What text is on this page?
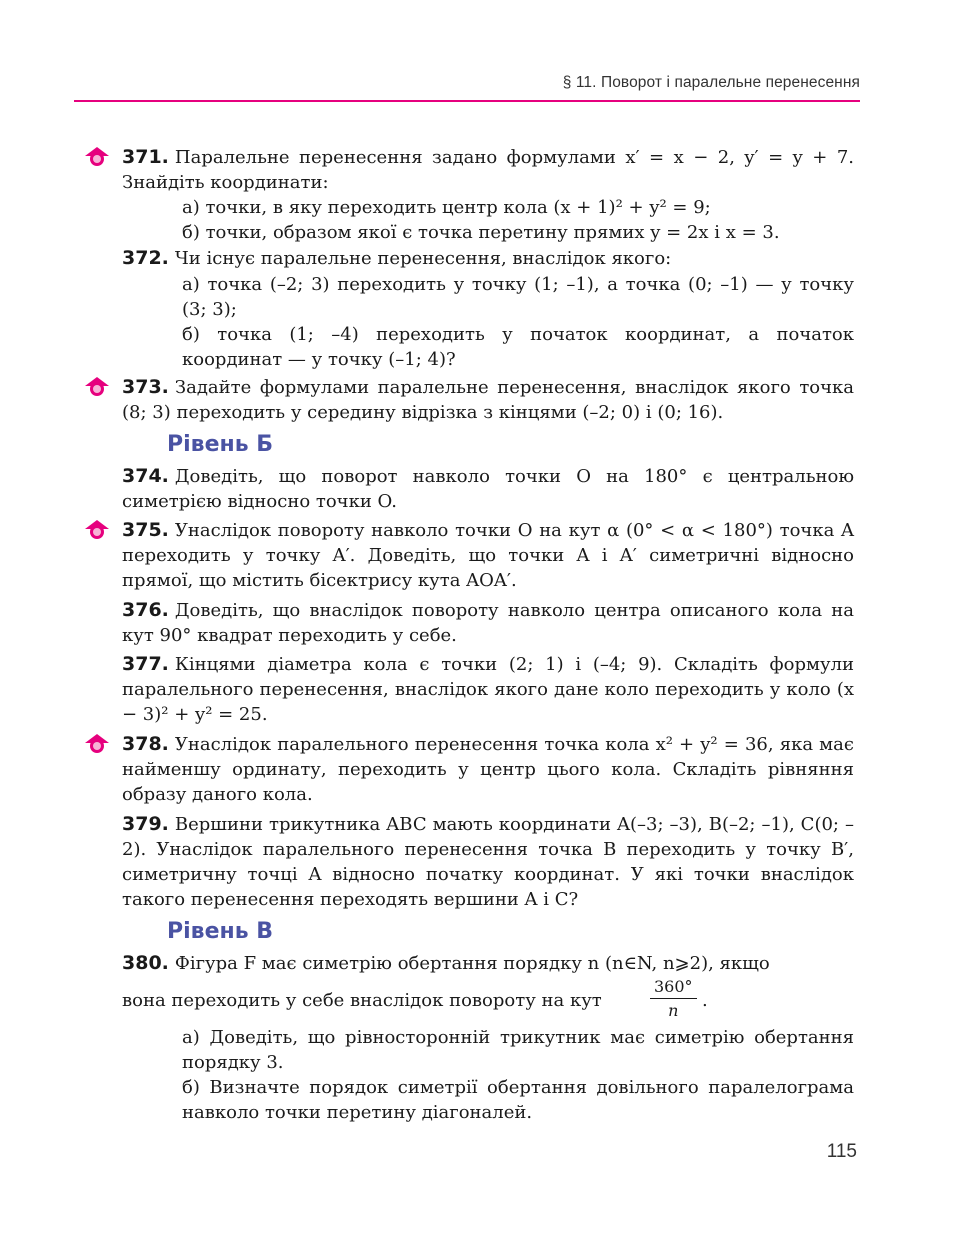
§ 11. Поворот і паралельне перенесення
371. Паралельне перенесення задано формулами x′ = x − 2, y′ = y + 7. Знайдіть координати:
а) точки, в яку переходить центр кола (x + 1)² + y² = 9;
б) точки, образом якої є точка перетину прямих y = 2x і x = 3.
372. Чи існує паралельне перенесення, внаслідок якого:
а) точка (–2; 3) переходить у точку (1; –1), а точка (0; –1) — у точку (3; 3);
б) точка (1; –4) переходить у початок координат, а початок координат — у точку (–1; 4)?
373. Задайте формулами паралельне перенесення, внаслідок якого точка (8; 3) переходить у середину відрізка з кінцями (–2; 0) і (0; 16).
Рівень Б
374. Доведіть, що поворот навколо точки O на 180° є центральною симетрією відносно точки O.
375. Унаслідок повороту навколо точки O на кут α (0° < α < 180°) точка A переходить у точку A′. Доведіть, що точки A і A′ симетричні відносно прямої, що містить бісектрису кута AOA′.
376. Доведіть, що внаслідок повороту навколо центра описаного кола на кут 90° квадрат переходить у себе.
377. Кінцями діаметра кола є точки (2; 1) і (–4; 9). Складіть формули паралельного перенесення, внаслідок якого дане коло переходить у коло (x − 3)² + y² = 25.
378. Унаслідок паралельного перенесення точка кола x² + y² = 36, яка має найменшу ординату, переходить у центр цього кола. Складіть рівняння образу даного кола.
379. Вершини трикутника ABC мають координати A(–3; –3), B(–2; –1), C(0; –2). Унаслідок паралельного перенесення точка B переходить у точку B′, симетричну точці A відносно початку координат. У які точки внаслідок такого перенесення переходять вершини A і C?
Рівень В
380. Фігура F має симетрію обертання порядку n (n∈N, n⩾2), якщо
вона переходить у себе внаслідок повороту на кут	$\frac{360^\circ}{n}$ .
а) Доведіть, що рівносторонній трикутник має симетрію обертання порядку 3.
б) Визначте порядок симетрії обертання довільного паралелограма навколо точки перетину діагоналей.
115
